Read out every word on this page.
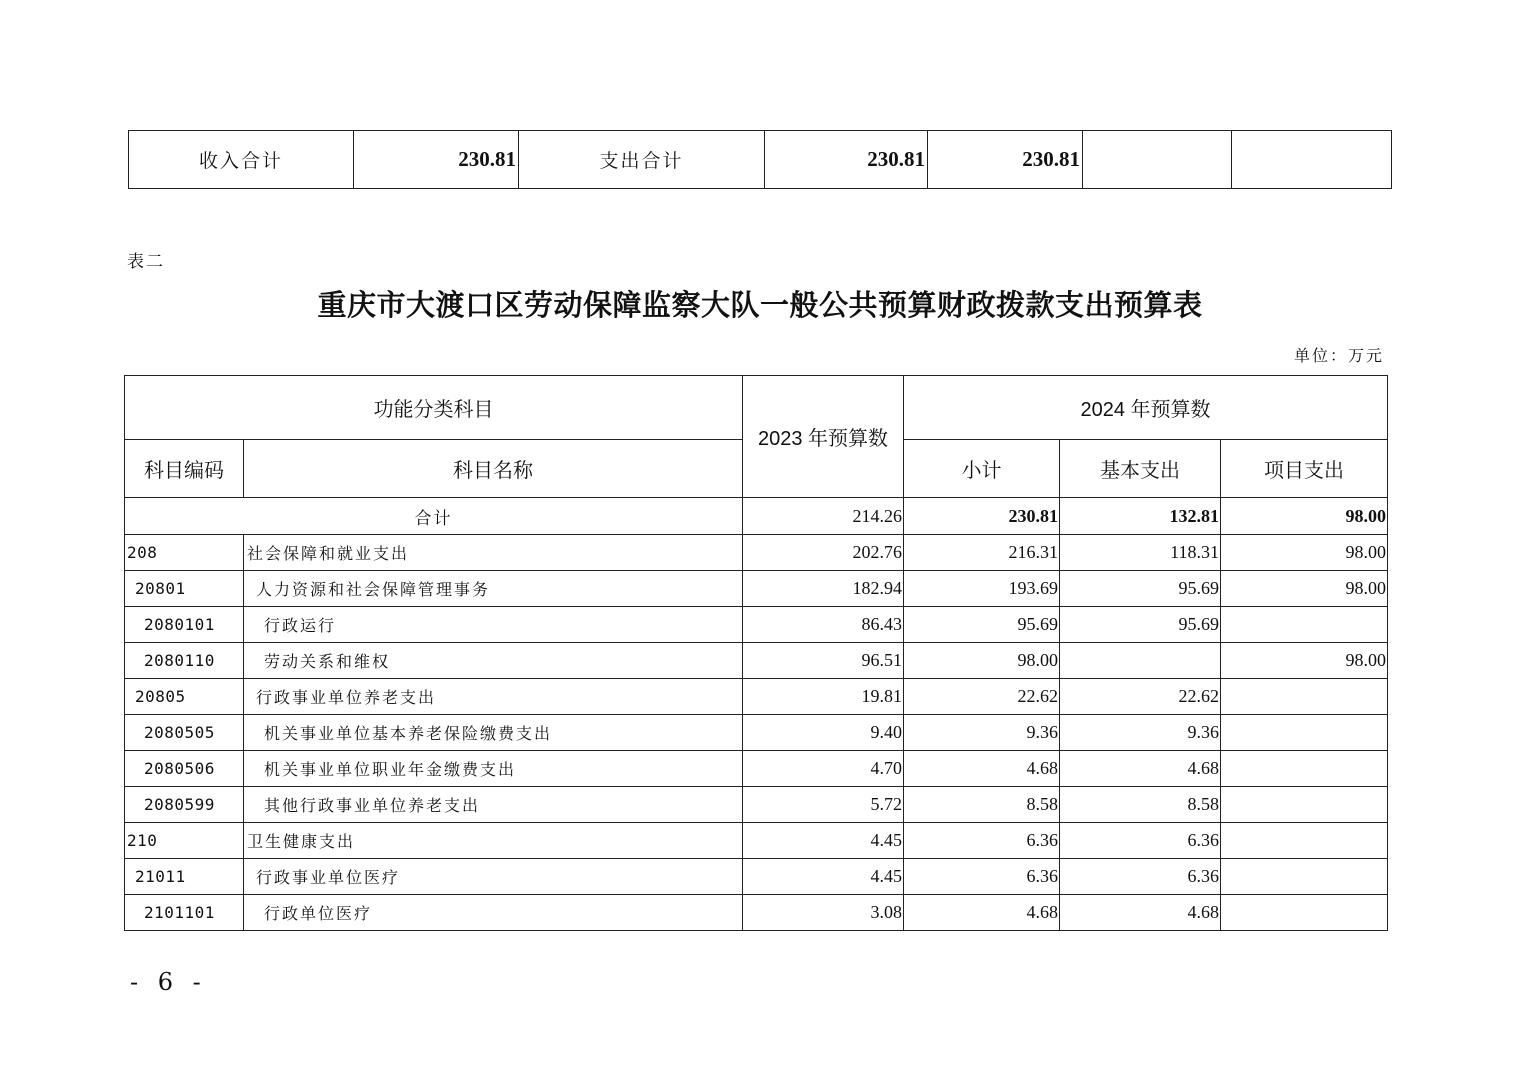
收入合计	230.81	支出合计	230.81	230.81		
表二
重庆市大渡口区劳动保障监察大队一般公共预算财政拨款支出预算表
单位：万元
功能分类科目		2023 年预算数	2024 年预算数		
科目编码	科目名称		小计	基本支出	项目支出
合计		214.26	230.81	132.81	98.00
208	社会保障和就业支出	202.76	216.31	118.31	98.00
20801	人力资源和社会保障管理事务	182.94	193.69	95.69	98.00
2080101	行政运行	86.43	95.69	95.69	
2080110	劳动关系和维权	96.51	98.00		98.00
20805	行政事业单位养老支出	19.81	22.62	22.62	
2080505	机关事业单位基本养老保险缴费支出	9.40	9.36	9.36	
2080506	机关事业单位职业年金缴费支出	4.70	4.68	4.68	
2080599	其他行政事业单位养老支出	5.72	8.58	8.58	
210	卫生健康支出	4.45	6.36	6.36	
21011	行政事业单位医疗	4.45	6.36	6.36	
2101101	行政单位医疗	3.08	4.68	4.68	
- 6 -
